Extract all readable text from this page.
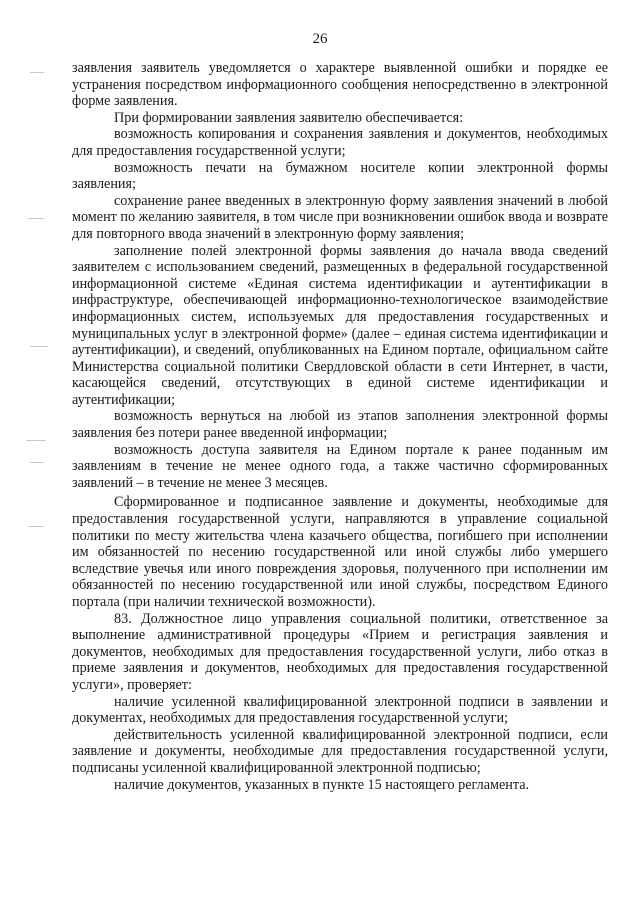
26

заявления заявитель уведомляется о характере выявленной ошибки и порядке ее устранения посредством информационного сообщения непосредственно в электронной форме заявления.

При формировании заявления заявителю обеспечивается:

возможность копирования и сохранения заявления и документов, необходимых для предоставления государственной услуги;

возможность печати на бумажном носителе копии электронной формы заявления;

сохранение ранее введенных в электронную форму заявления значений в любой момент по желанию заявителя, в том числе при возникновении ошибок ввода и возврате для повторного ввода значений в электронную форму заявления;

заполнение полей электронной формы заявления до начала ввода сведений заявителем с использованием сведений, размещенных в федеральной государственной информационной системе «Единая система идентификации и аутентификации в инфраструктуре, обеспечивающей информационно-технологическое взаимодействие информационных систем, используемых для предоставления государственных и муниципальных услуг в электронной форме» (далее – единая система идентификации и аутентификации), и сведений, опубликованных на Едином портале, официальном сайте Министерства социальной политики Свердловской области в сети Интернет, в части, касающейся сведений, отсутствующих в единой системе идентификации и аутентификации;

возможность вернуться на любой из этапов заполнения электронной формы заявления без потери ранее введенной информации;

возможность доступа заявителя на Едином портале к ранее поданным им заявлениям в течение не менее одного года, а также частично сформированных заявлений – в течение не менее 3 месяцев.

Сформированное и подписанное заявление и документы, необходимые для предоставления государственной услуги, направляются в управление социальной политики по месту жительства члена казачьего общества, погибшего при исполнении им обязанностей по несению государственной или иной службы либо умершего вследствие увечья или иного повреждения здоровья, полученного при исполнении им обязанностей по несению государственной или иной службы, посредством Единого портала (при наличии технической возможности).

83. Должностное лицо управления социальной политики, ответственное за выполнение административной процедуры «Прием и регистрация заявления и документов, необходимых для предоставления государственной услуги, либо отказ в приеме заявления и документов, необходимых для предоставления государственной услуги», проверяет:

наличие усиленной квалифицированной электронной подписи в заявлении и документах, необходимых для предоставления государственной услуги;

действительность усиленной квалифицированной электронной подписи, если заявление и документы, необходимые для предоставления государственной услуги, подписаны усиленной квалифицированной электронной подписью;

наличие документов, указанных в пункте 15 настоящего регламента.
